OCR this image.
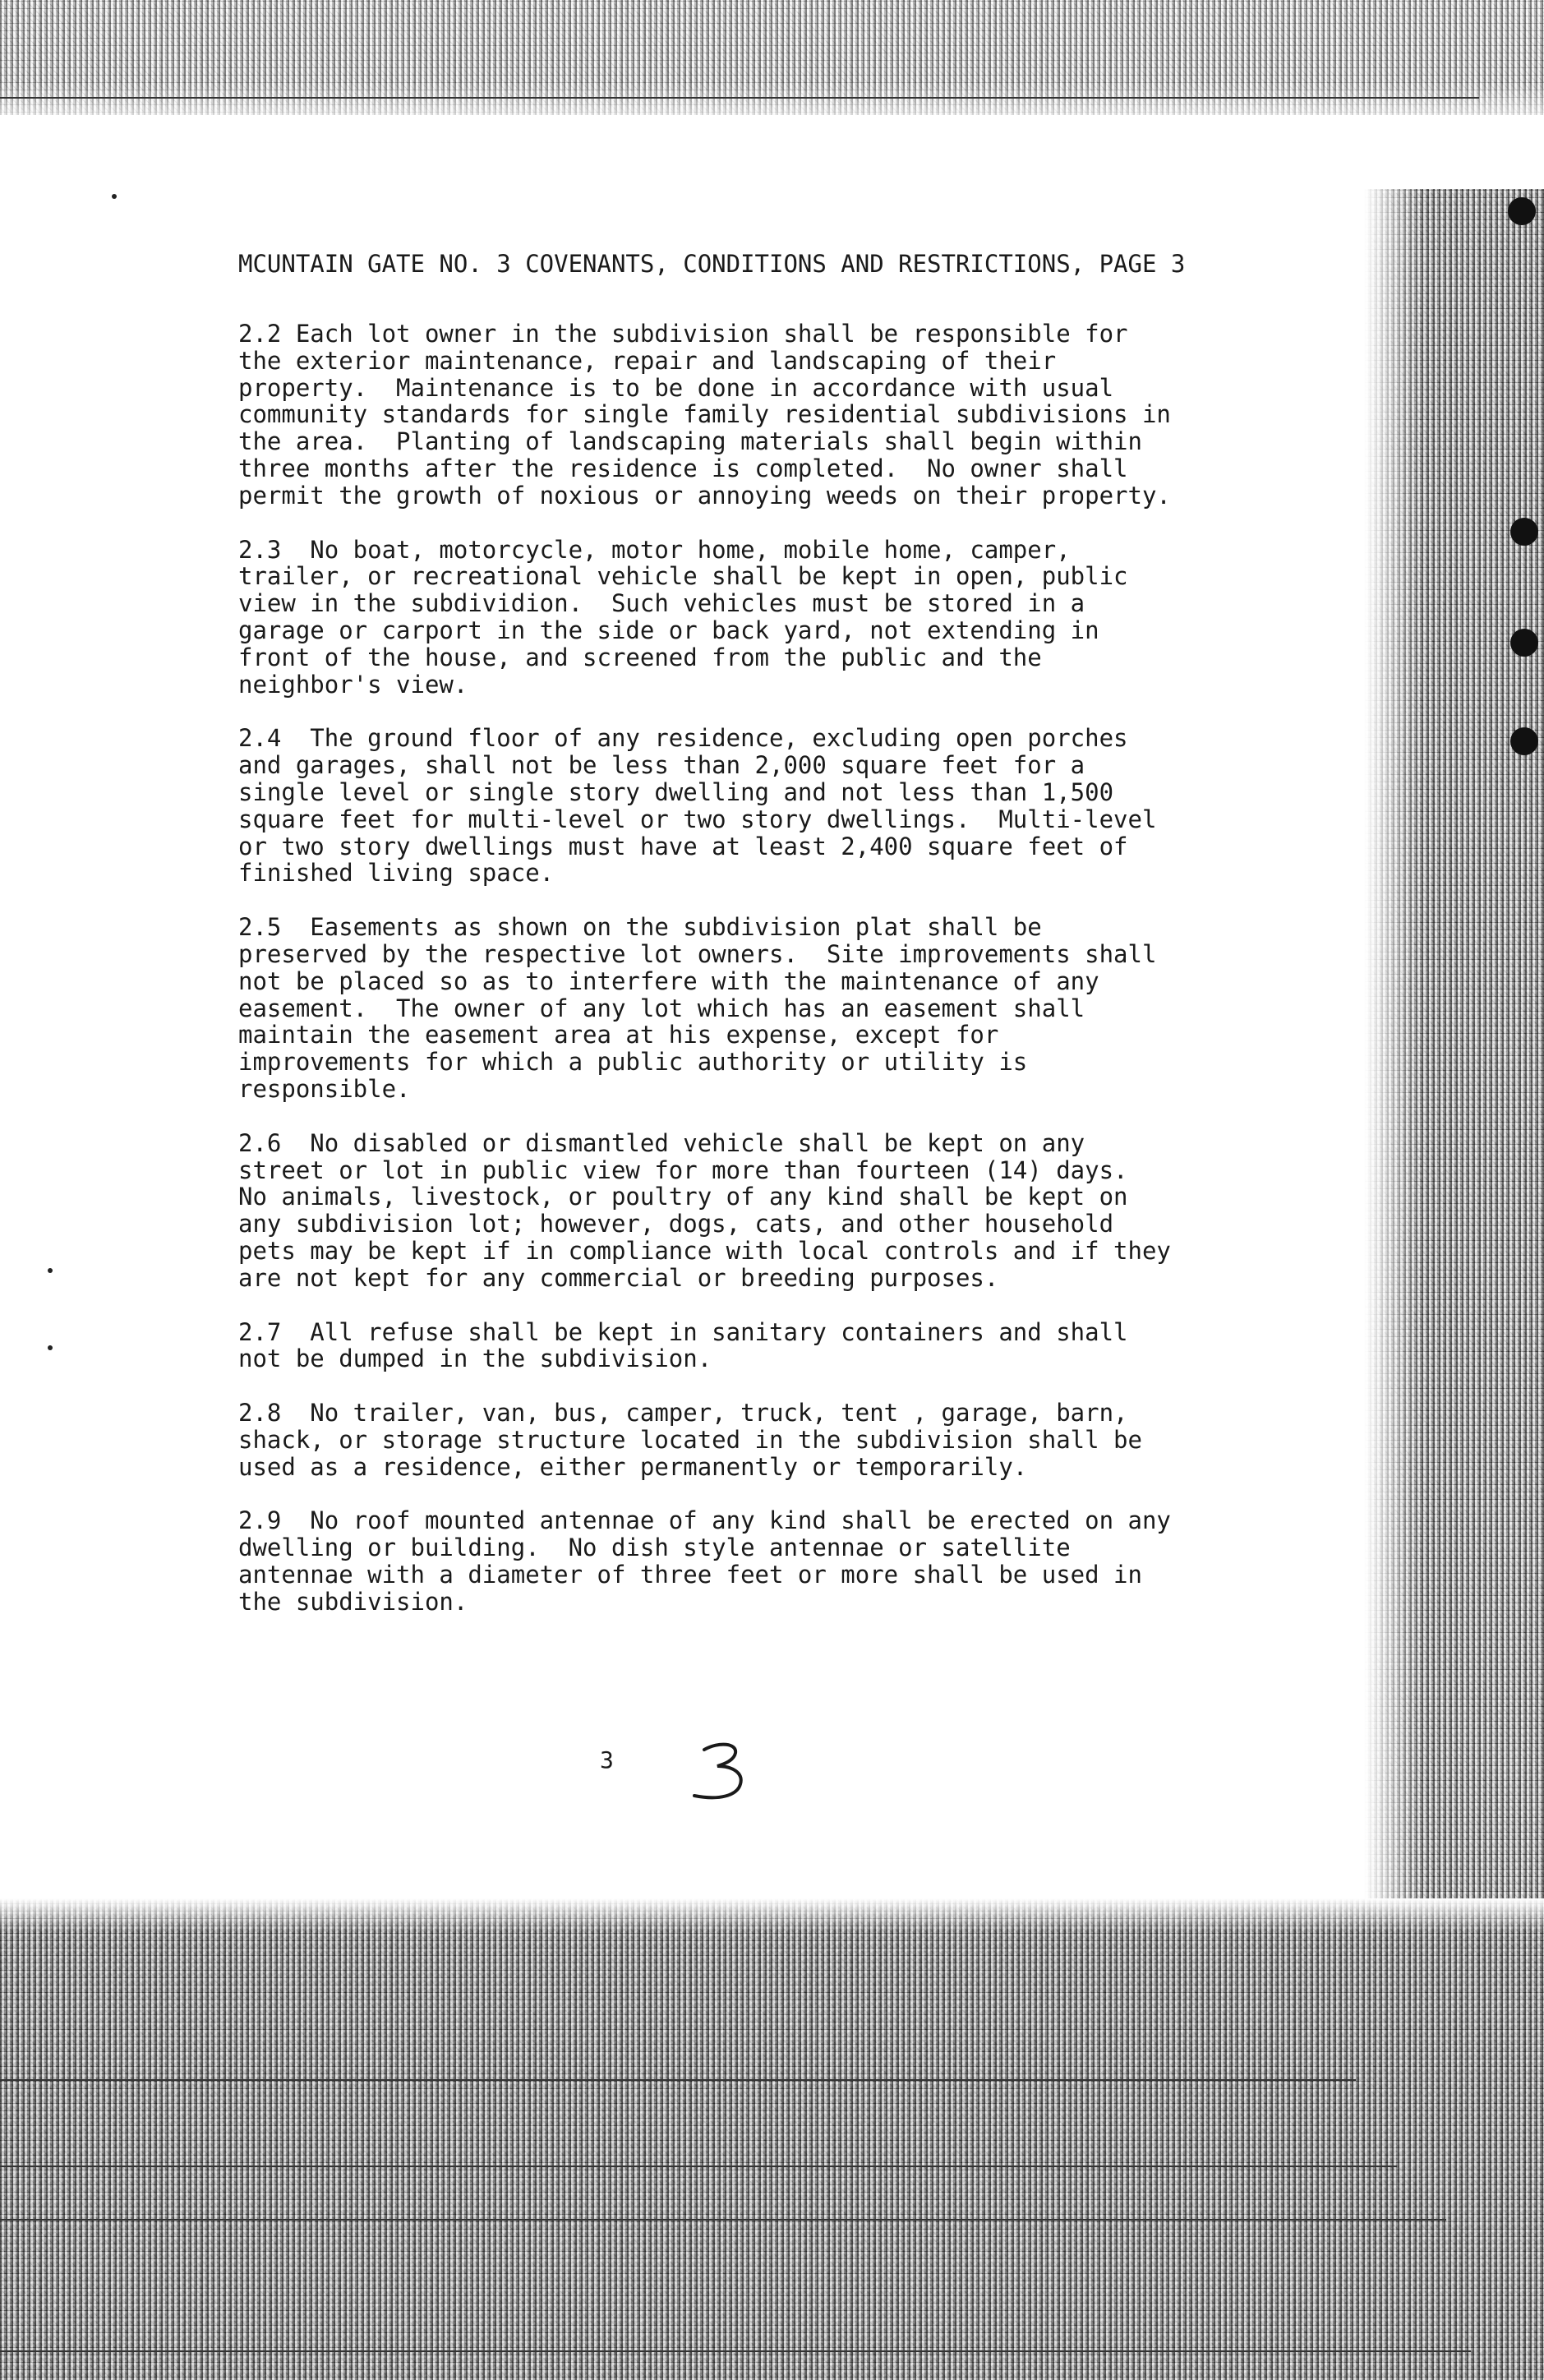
MCUNTAIN GATE NO. 3 COVENANTS, CONDITIONS AND RESTRICTIONS, PAGE 3
2.2 Each lot owner in the subdivision shall be responsible for
the exterior maintenance, repair and landscaping of their
property.  Maintenance is to be done in accordance with usual
community standards for single family residential subdivisions in
the area.  Planting of landscaping materials shall begin within
three months after the residence is completed.  No owner shall
permit the growth of noxious or annoying weeds on their property.
2.3  No boat, motorcycle, motor home, mobile home, camper,
trailer, or recreational vehicle shall be kept in open, public
view in the subdividion.  Such vehicles must be stored in a
garage or carport in the side or back yard, not extending in
front of the house, and screened from the public and the
neighbor's view.
2.4  The ground floor of any residence, excluding open porches
and garages, shall not be less than 2,000 square feet for a
single level or single story dwelling and not less than 1,500
square feet for multi-level or two story dwellings.  Multi-level
or two story dwellings must have at least 2,400 square feet of
finished living space.
2.5  Easements as shown on the subdivision plat shall be
preserved by the respective lot owners.  Site improvements shall
not be placed so as to interfere with the maintenance of any
easement.  The owner of any lot which has an easement shall
maintain the easement area at his expense, except for
improvements for which a public authority or utility is
responsible.
2.6  No disabled or dismantled vehicle shall be kept on any
street or lot in public view for more than fourteen (14) days.
No animals, livestock, or poultry of any kind shall be kept on
any subdivision lot; however, dogs, cats, and other household
pets may be kept if in compliance with local controls and if they
are not kept for any commercial or breeding purposes.
2.7  All refuse shall be kept in sanitary containers and shall
not be dumped in the subdivision.
2.8  No trailer, van, bus, camper, truck, tent , garage, barn,
shack, or storage structure located in the subdivision shall be
used as a residence, either permanently or temporarily.
2.9  No roof mounted antennae of any kind shall be erected on any
dwelling or building.  No dish style antennae or satellite
antennae with a diameter of three feet or more shall be used in
the subdivision.
3
